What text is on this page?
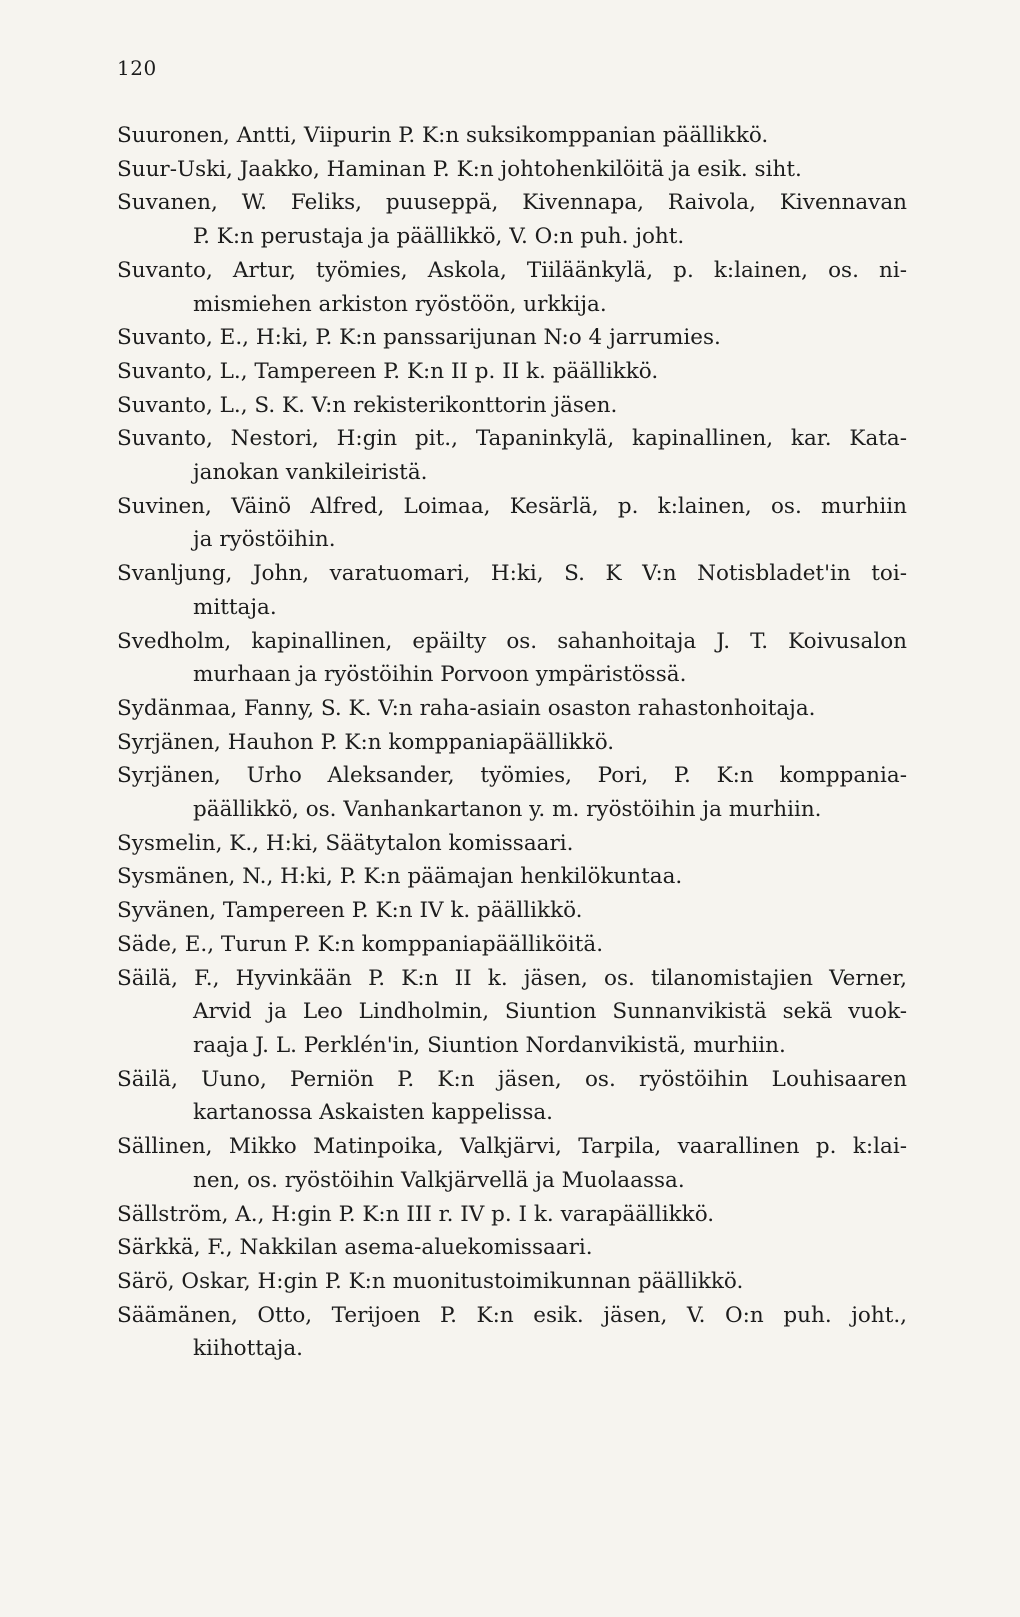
120
Suuronen, Antti, Viipurin P. K:n suksikomppanian päällikkö.
Suur-Uski, Jaakko, Haminan P. K:n johtohenkilöitä ja esik. siht.
Suvanen, W. Feliks, puuseppä, Kivennapa, Raivola, Kivennavan
P. K:n perustaja ja päällikkö, V. O:n puh. joht.
Suvanto, Artur, työmies, Askola, Tiiläänkylä, p. k:lainen, os. ni-
mismiehen arkiston ryöstöön, urkkija.
Suvanto, E., H:ki, P. K:n panssarijunan N:o 4 jarrumies.
Suvanto, L., Tampereen P. K:n II p. II k. päällikkö.
Suvanto, L., S. K. V:n rekisterikonttorin jäsen.
Suvanto, Nestori, H:gin pit., Tapaninkylä, kapinallinen, kar. Kata-
janokan vankileiristä.
Suvinen, Väinö Alfred, Loimaa, Kesärlä, p. k:lainen, os. murhiin
ja ryöstöihin.
Svanljung, John, varatuomari, H:ki, S. K V:n Notisbladet'in toi-
mittaja.
Svedholm, kapinallinen, epäilty os. sahanhoitaja J. T. Koivusalon
murhaan ja ryöstöihin Porvoon ympäristössä.
Sydänmaa, Fanny, S. K. V:n raha-asiain osaston rahastonhoitaja.
Syrjänen, Hauhon P. K:n komppaniapäällikkö.
Syrjänen, Urho Aleksander, työmies, Pori, P. K:n komppania-
päällikkö, os. Vanhankartanon y. m. ryöstöihin ja murhiin.
Sysmelin, K., H:ki, Säätytalon komissaari.
Sysmänen, N., H:ki, P. K:n päämajan henkilökuntaa.
Syvänen, Tampereen P. K:n IV k. päällikkö.
Säde, E., Turun P. K:n komppaniapäälliköitä.
Säilä, F., Hyvinkään P. K:n II k. jäsen, os. tilanomistajien Verner,
Arvid ja Leo Lindholmin, Siuntion Sunnanvikistä sekä vuok-
raaja J. L. Perklén'in, Siuntion Nordanvikistä, murhiin.
Säilä, Uuno, Perniön P. K:n jäsen, os. ryöstöihin Louhisaaren
kartanossa Askaisten kappelissa.
Sällinen, Mikko Matinpoika, Valkjärvi, Tarpila, vaarallinen p. k:lai-
nen, os. ryöstöihin Valkjärvellä ja Muolaassa.
Sällström, A., H:gin P. K:n III r. IV p. I k. varapäällikkö.
Särkkä, F., Nakkilan asema-aluekomissaari.
Särö, Oskar, H:gin P. K:n muonitustoimikunnan päällikkö.
Säämänen, Otto, Terijoen P. K:n esik. jäsen, V. O:n puh. joht.,
kiihottaja.
